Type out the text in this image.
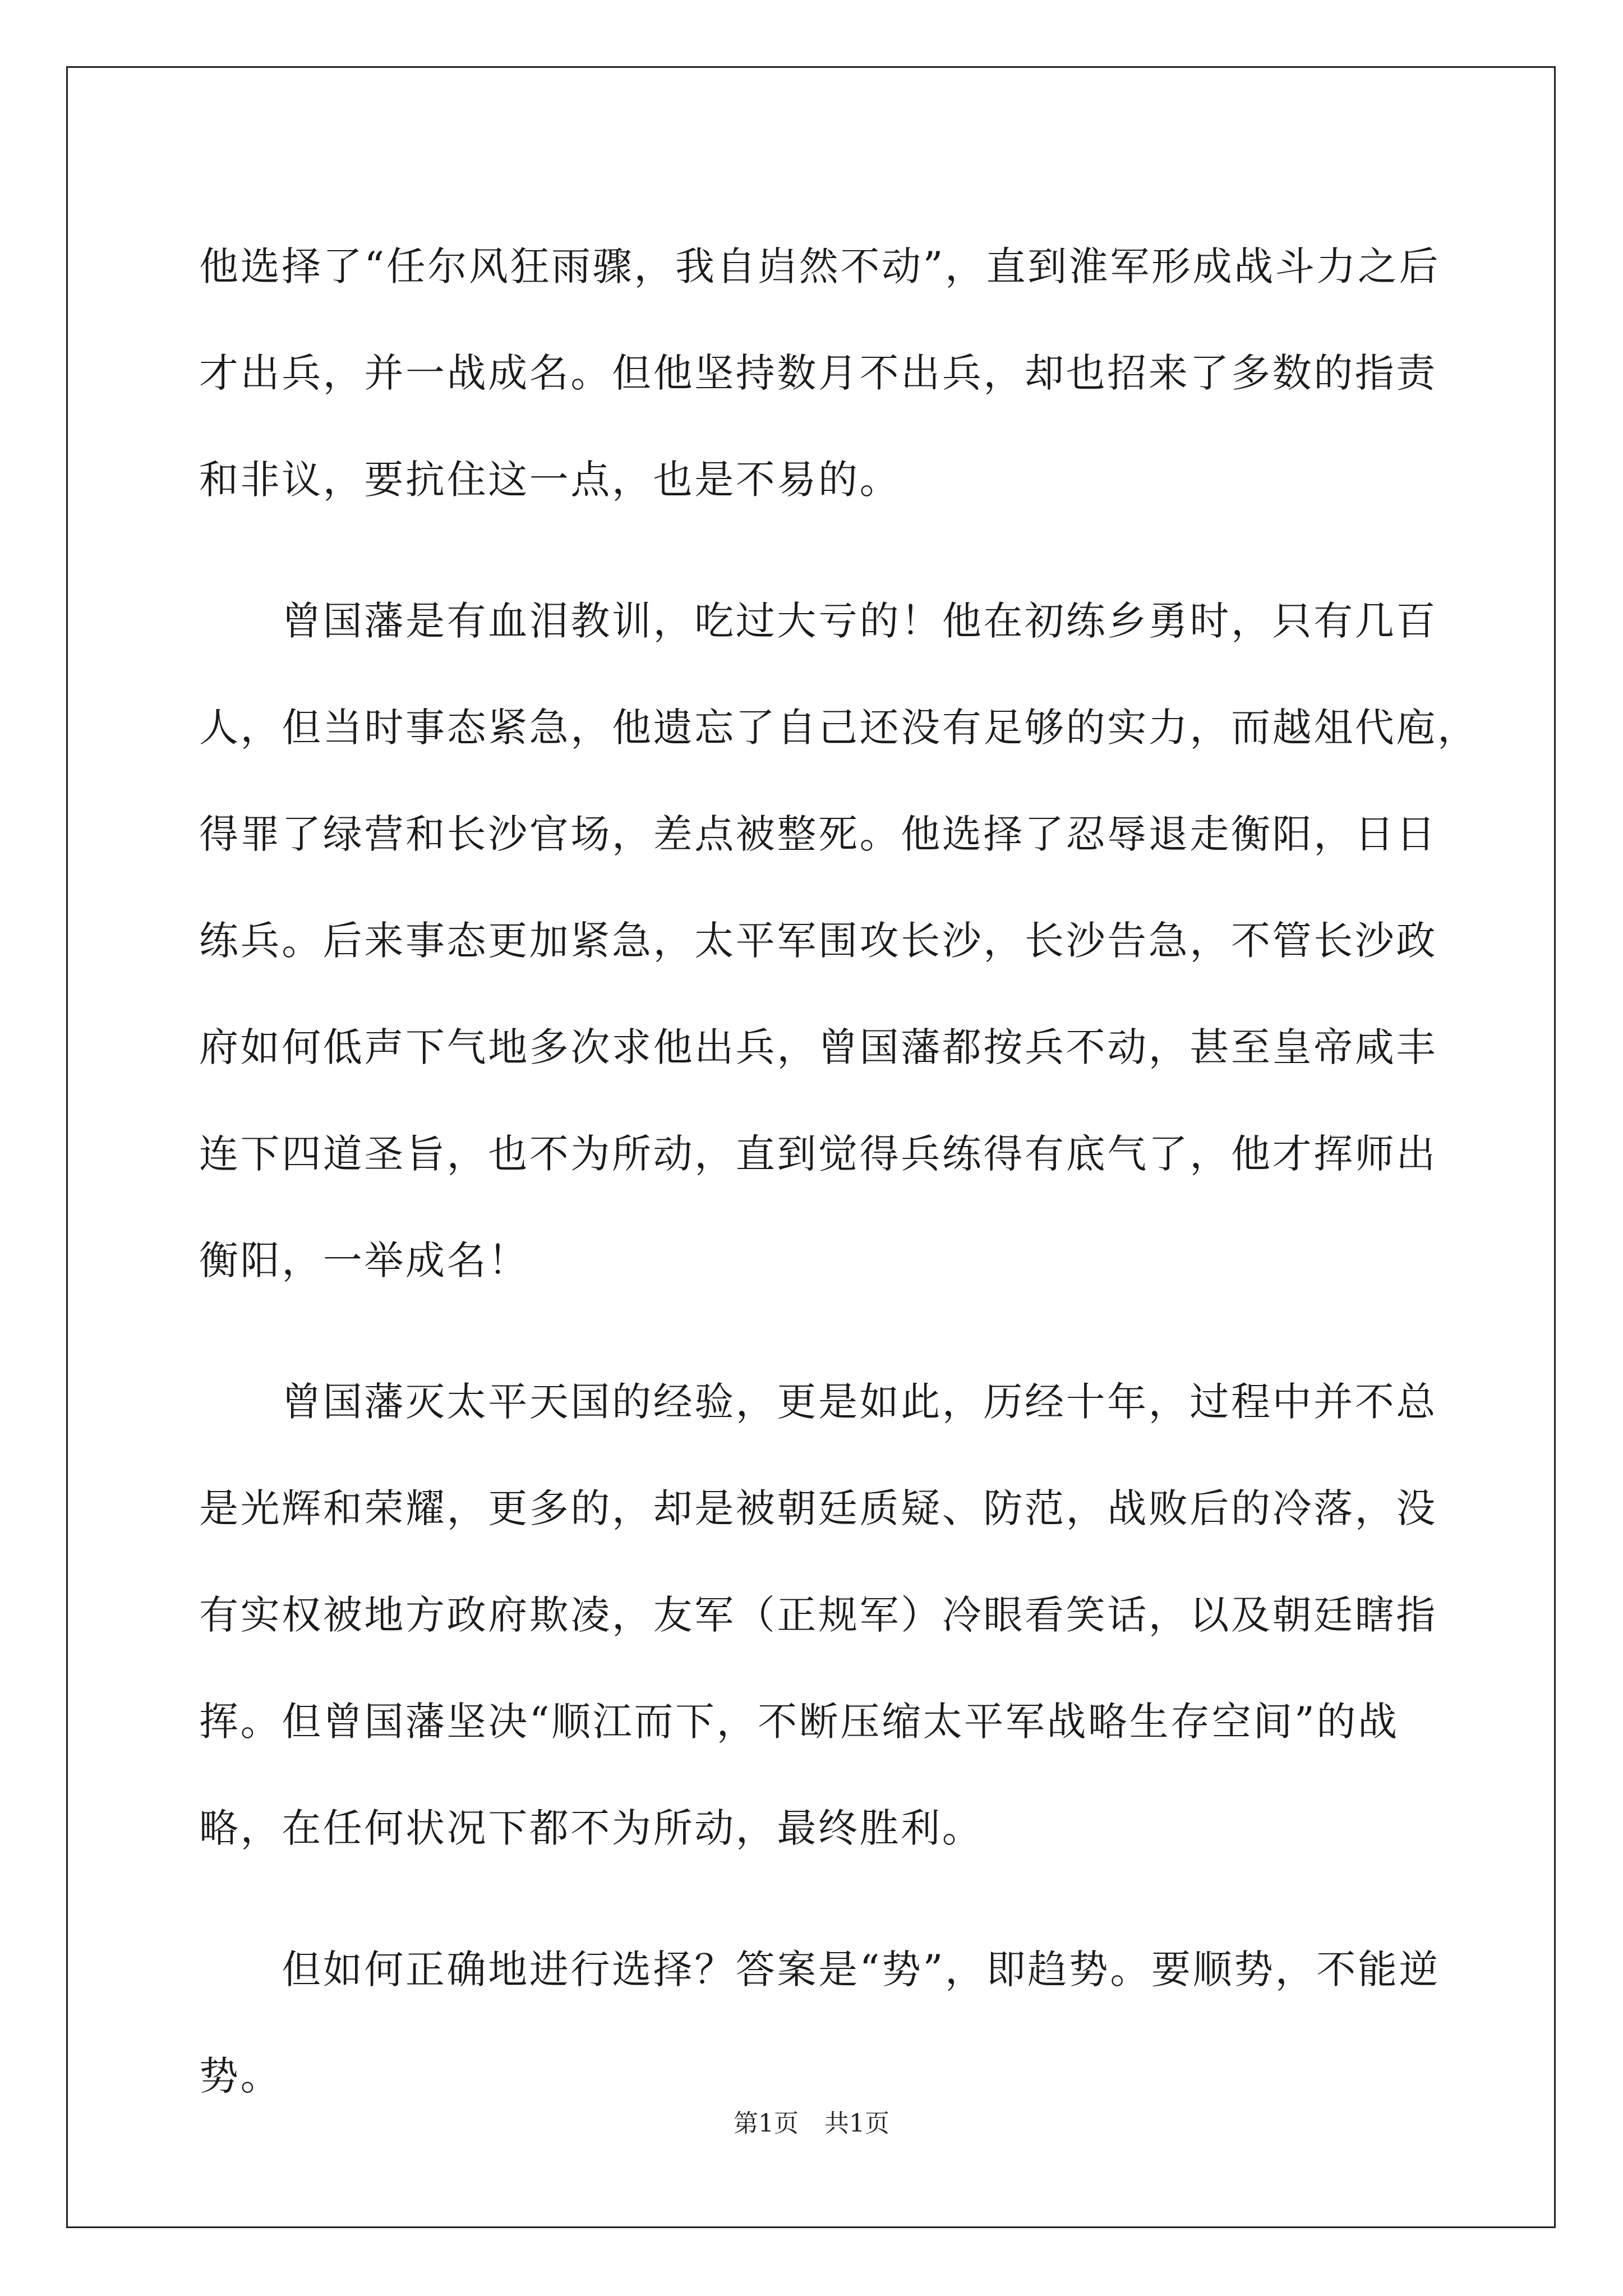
他选择了“任尔风狂雨骤，我自岿然不动”，直到淮军形成战斗力之后
才出兵，并一战成名。但他坚持数月不出兵，却也招来了多数的指责
和非议，要抗住这一点，也是不易的。
　　曾国藩是有血泪教训，吃过大亏的！他在初练乡勇时，只有几百
人，但当时事态紧急，他遗忘了自己还没有足够的实力，而越俎代庖，
得罪了绿营和长沙官场，差点被整死。他选择了忍辱退走衡阳，日日
练兵。后来事态更加紧急，太平军围攻长沙，长沙告急，不管长沙政
府如何低声下气地多次求他出兵，曾国藩都按兵不动，甚至皇帝咸丰
连下四道圣旨，也不为所动，直到觉得兵练得有底气了，他才挥师出
衡阳，一举成名！
　　曾国藩灭太平天国的经验，更是如此，历经十年，过程中并不总
是光辉和荣耀，更多的，却是被朝廷质疑、防范，战败后的冷落，没
有实权被地方政府欺凌，友军（正规军）冷眼看笑话，以及朝廷瞎指
挥。但曾国藩坚决“顺江而下，不断压缩太平军战略生存空间”的战
略，在任何状况下都不为所动，最终胜利。
　　但如何正确地进行选择？答案是“势”，即趋势。要顺势，不能逆
势。
第1页 共1页
